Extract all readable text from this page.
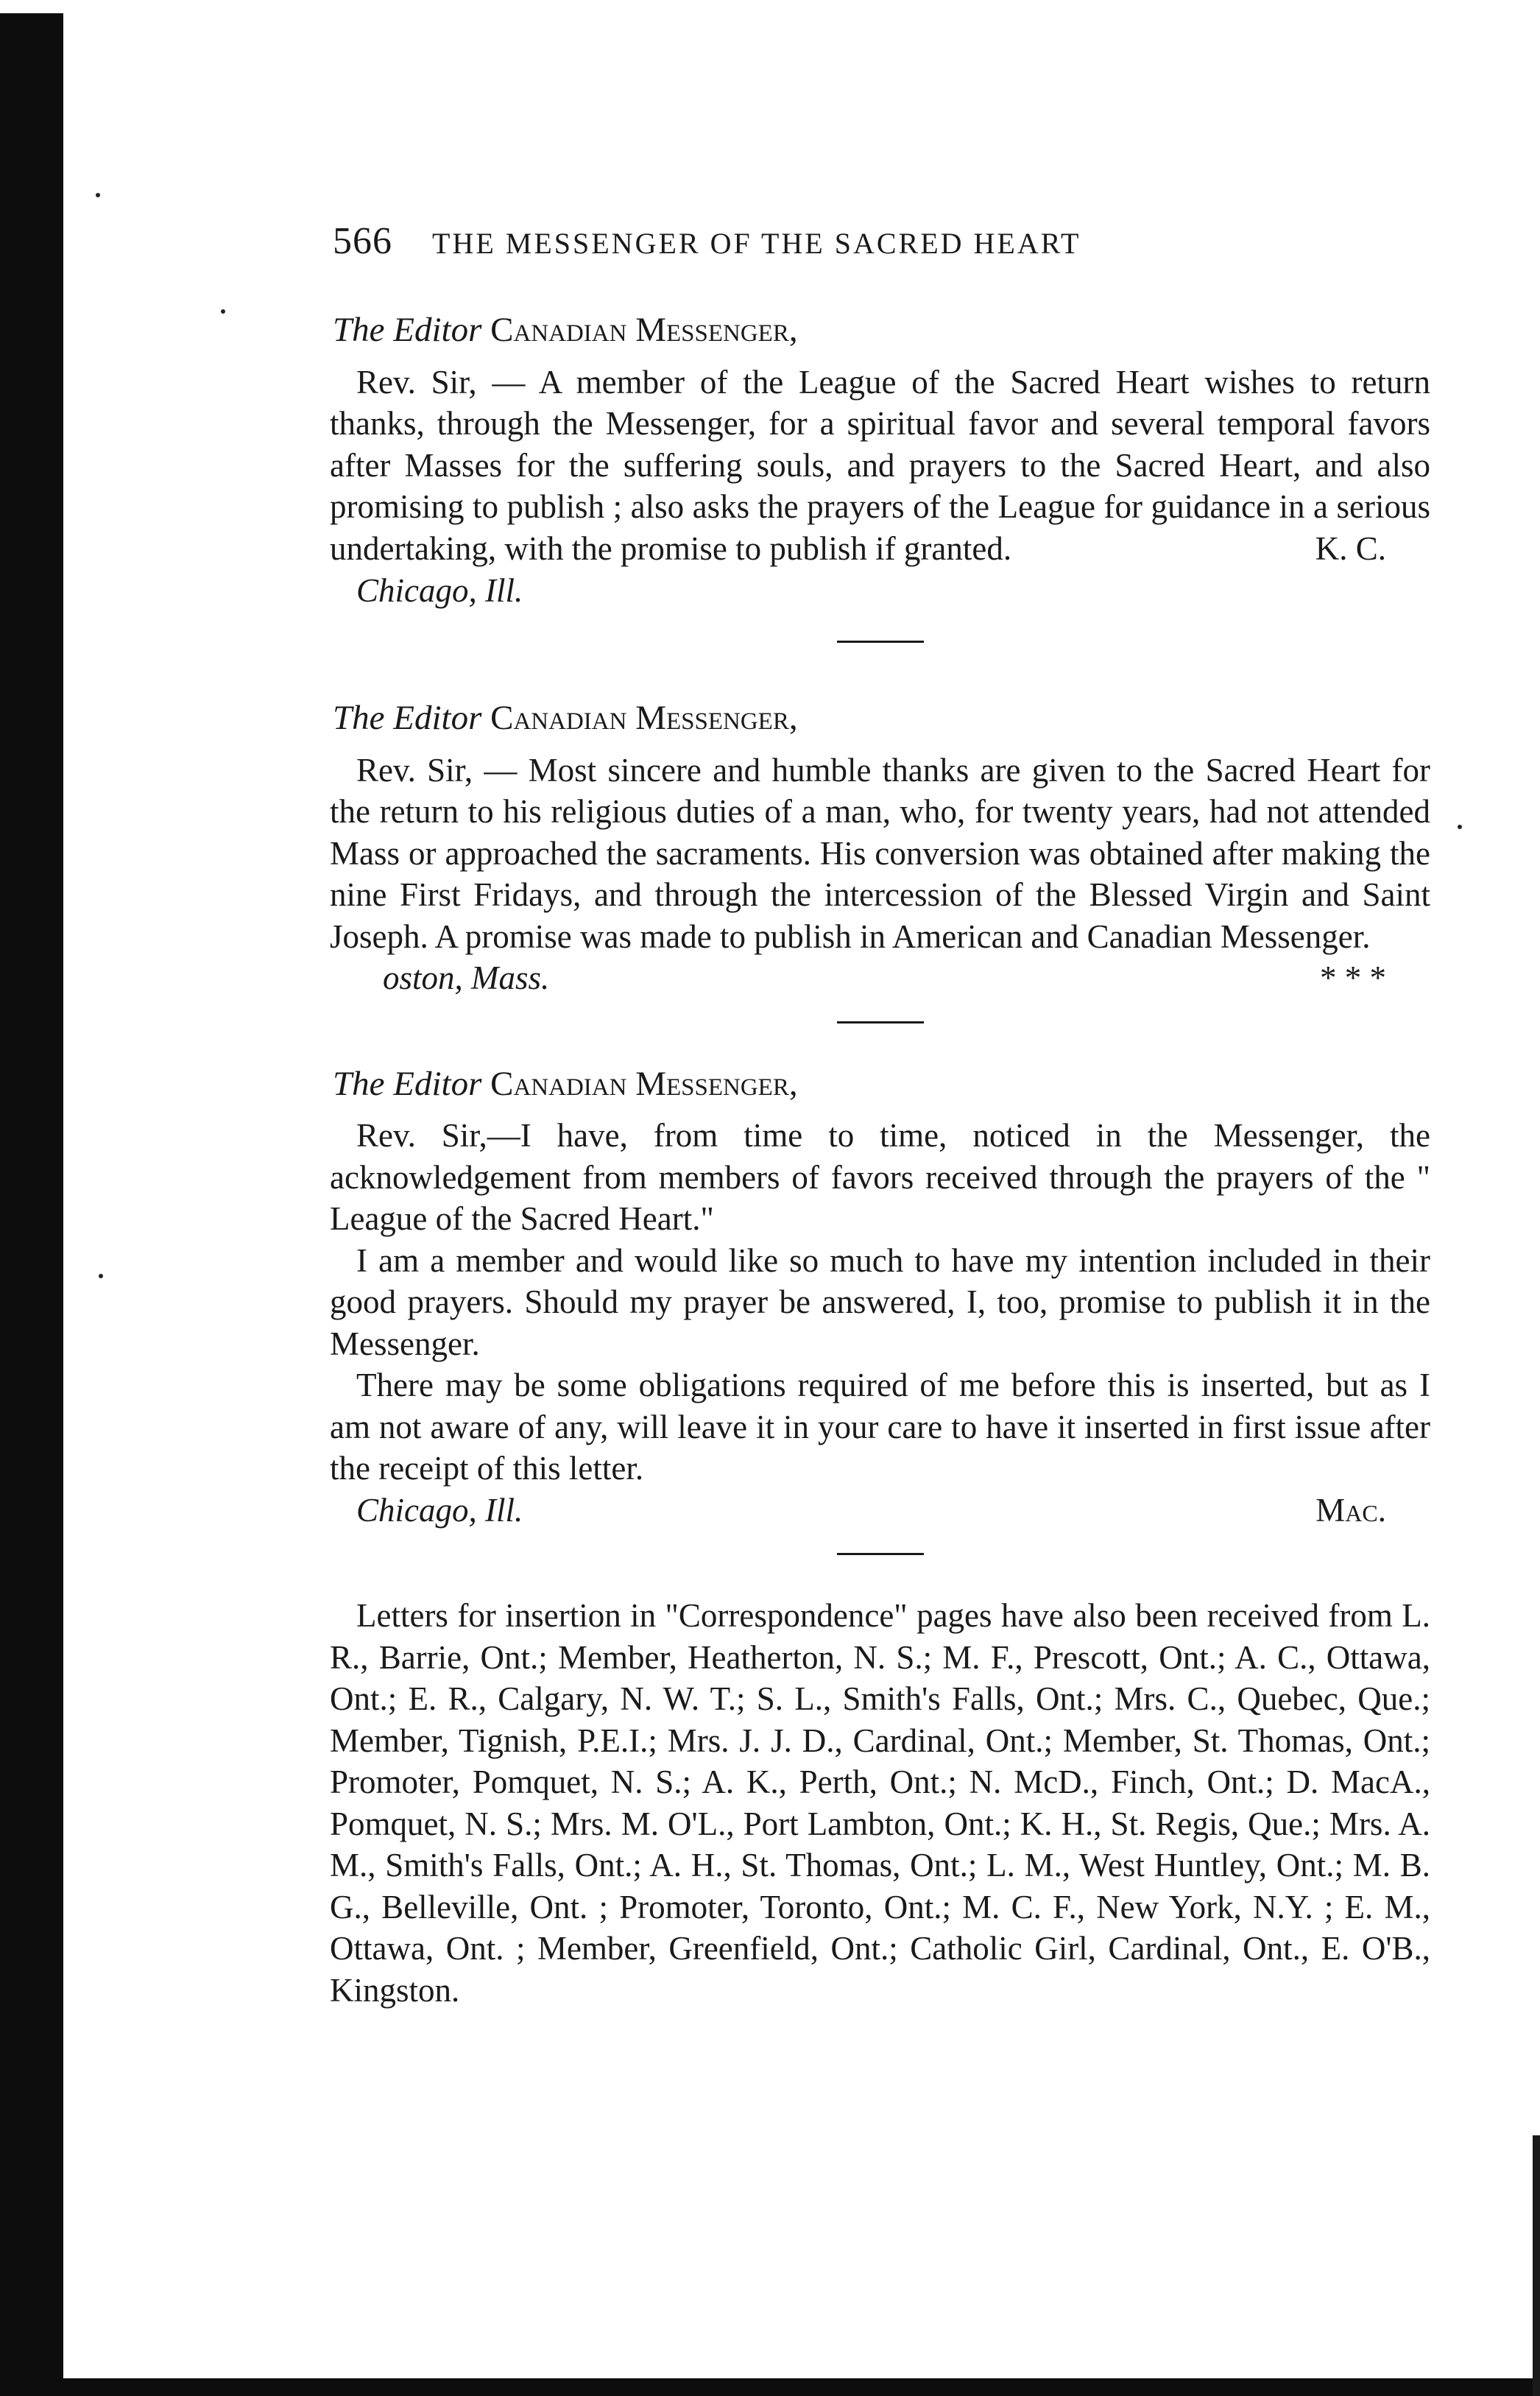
566 THE MESSENGER OF THE SACRED HEART
The Editor Canadian Messenger,

Rev. Sir, — A member of the League of the Sacred Heart wishes to return thanks, through the Messenger, for a spiritual favor and several temporal favors after Masses for the suffering souls, and prayers to the Sacred Heart, and also promising to publish ; also asks the prayers of the League for guidance in a serious undertaking, with the promise to publish if granted.	K. C.
Chicago, Ill.
The Editor Canadian Messenger,

Rev. Sir, — Most sincere and humble thanks are given to the Sacred Heart for the return to his religious duties of a man, who, for twenty years, had not attended Mass or approached the sacraments. His conversion was obtained after making the nine First Fridays, and through the intercession of the Blessed Virgin and Saint Joseph. A promise was made to publish in American and Canadian Messenger.

oston, Mass.	* * *
The Editor Canadian Messenger,

Rev. Sir,—I have, from time to time, noticed in the Messenger, the acknowledgement from members of favors received through the prayers of the " League of the Sacred Heart."

I am a member and would like so much to have my intention included in their good prayers. Should my prayer be answered, I, too, promise to publish it in the Messenger.

There may be some obligations required of me before this is inserted, but as I am not aware of any, will leave it in your care to have it inserted in first issue after the receipt of this letter.

Chicago, Ill.	Mac.

Letters for insertion in "Correspondence" pages have also been received from L. R., Barrie, Ont.; Member, Heatherton, N. S.; M. F., Prescott, Ont.; A. C., Ottawa, Ont.; E. R., Calgary, N. W. T.; S. L., Smith's Falls, Ont.; Mrs. C., Quebec, Que.; Member, Tignish, P.E.I.; Mrs. J. J. D., Cardinal, Ont.; Member, St. Thomas, Ont.; Promoter, Pomquet, N. S.; A. K., Perth, Ont.; N. McD., Finch, Ont.; D. MacA., Pomquet, N. S.; Mrs. M. O'L., Port Lambton, Ont.; K. H., St. Regis, Que.; Mrs. A. M., Smith's Falls, Ont.; A. H., St. Thomas, Ont.; L. M., West Huntley, Ont.; M. B. G., Belleville, Ont. ; Promoter, Toronto, Ont.; M. C. F., New York, N.Y. ; E. M., Ottawa, Ont. ; Member, Greenfield, Ont.; Catholic Girl, Cardinal, Ont., E. O'B., Kingston.
